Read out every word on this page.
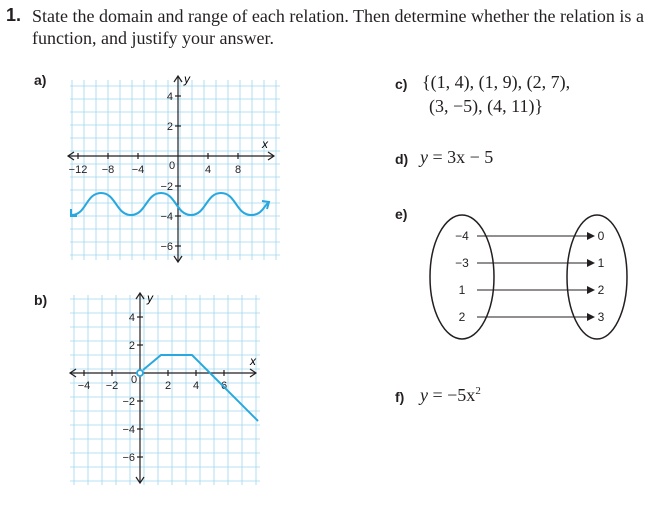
1. State the domain and range of each relation. Then determine whether the relation is a function, and justify your answer.
a)	y
x
−12 −8 −4 0	4 8
4
2
−2
−4
−6
b)	y
x
−4 −2 0	2 4 6
4
2
−2
−4
−6
c) {(1, 4), (1, 9), (2, 7),
(3, −5), (4, 11)}
d) y = 3x − 5
e)
−4
−3
1
2
0
1
2
3
f) $y = -5x^2$
